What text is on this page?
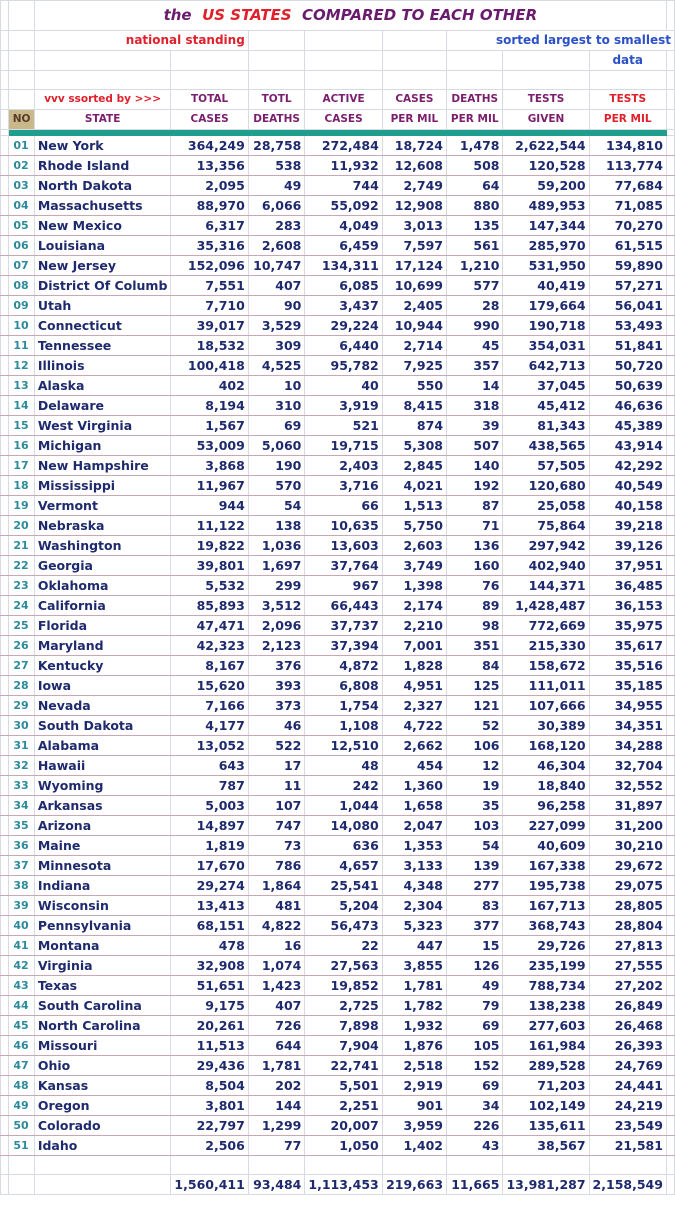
		the US STATES COMPARED TO EACH OTHER								
		national standing					sorted largest to smallest			
									data	

		vvv ssorted by >>>	TOTAL	TOTL	ACTIVE	CASES	DEATHS	TESTS	TESTS	
	NO	STATE	CASES	DEATHS	CASES	PER MIL	PER MIL	GIVEN	PER MIL	

	01	New York	364,249	28,758	272,484	18,724	1,478	2,622,544	134,810	
	02	Rhode Island	13,356	538	11,932	12,608	508	120,528	113,774	
	03	North Dakota	2,095	49	744	2,749	64	59,200	77,684	
	04	Massachusetts	88,970	6,066	55,092	12,908	880	489,953	71,085	
	05	New Mexico	6,317	283	4,049	3,013	135	147,344	70,270	
	06	Louisiana	35,316	2,608	6,459	7,597	561	285,970	61,515	
	07	New Jersey	152,096	10,747	134,311	17,124	1,210	531,950	59,890	
	08	District Of Columb	7,551	407	6,085	10,699	577	40,419	57,271	
	09	Utah	7,710	90	3,437	2,405	28	179,664	56,041	
	10	Connecticut	39,017	3,529	29,224	10,944	990	190,718	53,493	
	11	Tennessee	18,532	309	6,440	2,714	45	354,031	51,841	
	12	Illinois	100,418	4,525	95,782	7,925	357	642,713	50,720	
	13	Alaska	402	10	40	550	14	37,045	50,639	
	14	Delaware	8,194	310	3,919	8,415	318	45,412	46,636	
	15	West Virginia	1,567	69	521	874	39	81,343	45,389	
	16	Michigan	53,009	5,060	19,715	5,308	507	438,565	43,914	
	17	New Hampshire	3,868	190	2,403	2,845	140	57,505	42,292	
	18	Mississippi	11,967	570	3,716	4,021	192	120,680	40,549	
	19	Vermont	944	54	66	1,513	87	25,058	40,158	
	20	Nebraska	11,122	138	10,635	5,750	71	75,864	39,218	
	21	Washington	19,822	1,036	13,603	2,603	136	297,942	39,126	
	22	Georgia	39,801	1,697	37,764	3,749	160	402,940	37,951	
	23	Oklahoma	5,532	299	967	1,398	76	144,371	36,485	
	24	California	85,893	3,512	66,443	2,174	89	1,428,487	36,153	
	25	Florida	47,471	2,096	37,737	2,210	98	772,669	35,975	
	26	Maryland	42,323	2,123	37,394	7,001	351	215,330	35,617	
	27	Kentucky	8,167	376	4,872	1,828	84	158,672	35,516	
	28	Iowa	15,620	393	6,808	4,951	125	111,011	35,185	
	29	Nevada	7,166	373	1,754	2,327	121	107,666	34,955	
	30	South Dakota	4,177	46	1,108	4,722	52	30,389	34,351	
	31	Alabama	13,052	522	12,510	2,662	106	168,120	34,288	
	32	Hawaii	643	17	48	454	12	46,304	32,704	
	33	Wyoming	787	11	242	1,360	19	18,840	32,552	
	34	Arkansas	5,003	107	1,044	1,658	35	96,258	31,897	
	35	Arizona	14,897	747	14,080	2,047	103	227,099	31,200	
	36	Maine	1,819	73	636	1,353	54	40,609	30,210	
	37	Minnesota	17,670	786	4,657	3,133	139	167,338	29,672	
	38	Indiana	29,274	1,864	25,541	4,348	277	195,738	29,075	
	39	Wisconsin	13,413	481	5,204	2,304	83	167,713	28,805	
	40	Pennsylvania	68,151	4,822	56,473	5,323	377	368,743	28,804	
	41	Montana	478	16	22	447	15	29,726	27,813	
	42	Virginia	32,908	1,074	27,563	3,855	126	235,199	27,555	
	43	Texas	51,651	1,423	19,852	1,781	49	788,734	27,202	
	44	South Carolina	9,175	407	2,725	1,782	79	138,238	26,849	
	45	North Carolina	20,261	726	7,898	1,932	69	277,603	26,468	
	46	Missouri	11,513	644	7,904	1,876	105	161,984	26,393	
	47	Ohio	29,436	1,781	22,741	2,518	152	289,528	24,769	
	48	Kansas	8,504	202	5,501	2,919	69	71,203	24,441	
	49	Oregon	3,801	144	2,251	901	34	102,149	24,219	
	50	Colorado	22,797	1,299	20,007	3,959	226	135,611	23,549	
	51	Idaho	2,506	77	1,050	1,402	43	38,567	21,581	

			1,560,411	93,484	1,113,453	219,663	11,665	13,981,287	2,158,549	
